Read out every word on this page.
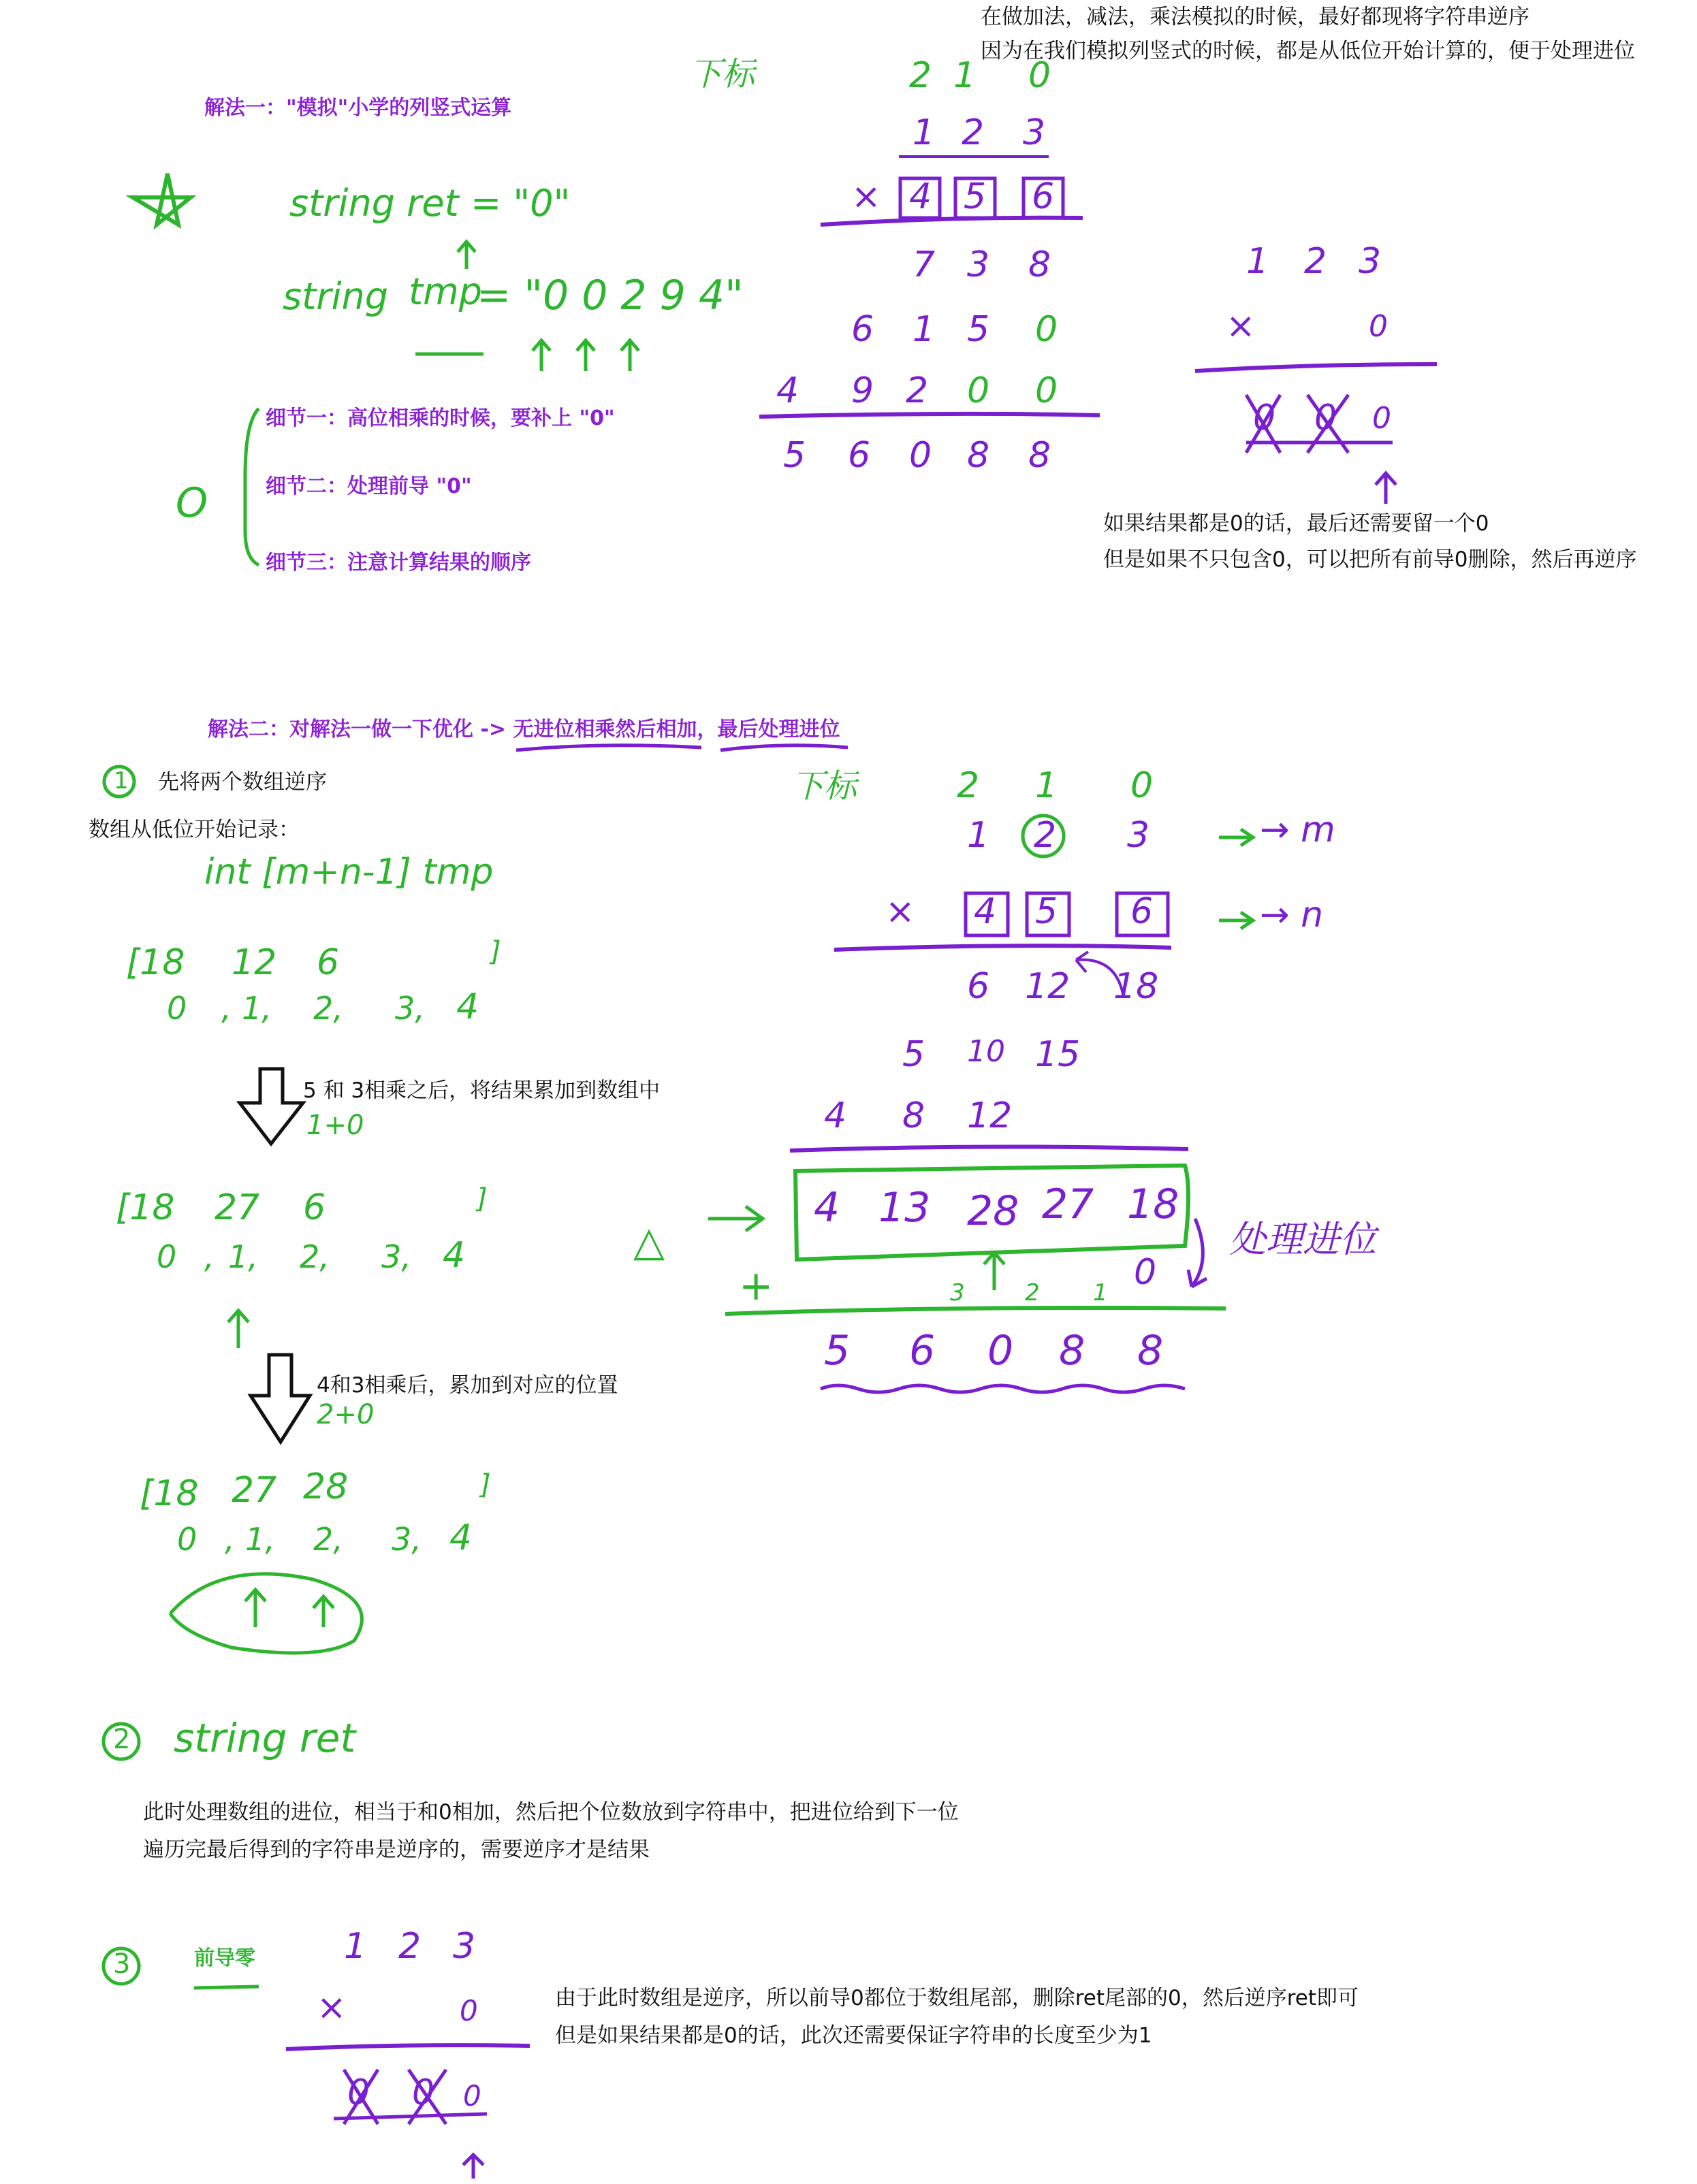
在做加法，减法，乘法模拟的时候，最好都现将字符串逆序
因为在我们模拟列竖式的时候，都是从低位开始计算的，便于处理进位
解法一："模拟"小学的列竖式运算
string ret = "0"
string tmp
= "0 0 2 9 4"
细节一：高位相乘的时候，要补上 "0"
细节二：处理前导 "0"
细节三：注意计算结果的顺序
O
下标	2 1 0
1 2 3
× 4 5 6
7 3 8
6 1 5 0
4 9 2 0 0
5 6 0 8 8
1 2 3
×	0
0 0 0
如果结果都是0的话，最后还需要留一个0
但是如果不只包含0，可以把所有前导0删除，然后再逆序
解法二：对解法一做一下优化 -> 无进位相乘然后相加，最后处理进位
1 先将两个数组逆序
数组从低位开始记录：
int [m+n-1] tmp
[18 12 6	]
0 , 1, 2, 3, 4
5 和 3相乘之后，将结果累加到数组中
1+0
[18 27 6	]
0 , 1, 2, 3, 4
4和3相乘后，累加到对应的位置
2+0
[18 27 28	]
0 , 1, 2, 3, 4
下标	2 1 0
1 2 3	→ m
× 4 5 6	→ n
6 12 18
5 10 15
4 8 12
4 13 28 27 18
△	处理进位
+	3	2 1 0
5 6 0 8 8
2 string ret
此时处理数组的进位，相当于和0相加，然后把个位数放到字符串中，把进位给到下一位
遍历完最后得到的字符串是逆序的，需要逆序才是结果
3	前导零	1 2 3
×	0
0 0 0
由于此时数组是逆序，所以前导0都位于数组尾部，删除ret尾部的0，然后逆序ret即可
但是如果结果都是0的话，此次还需要保证字符串的长度至少为1
